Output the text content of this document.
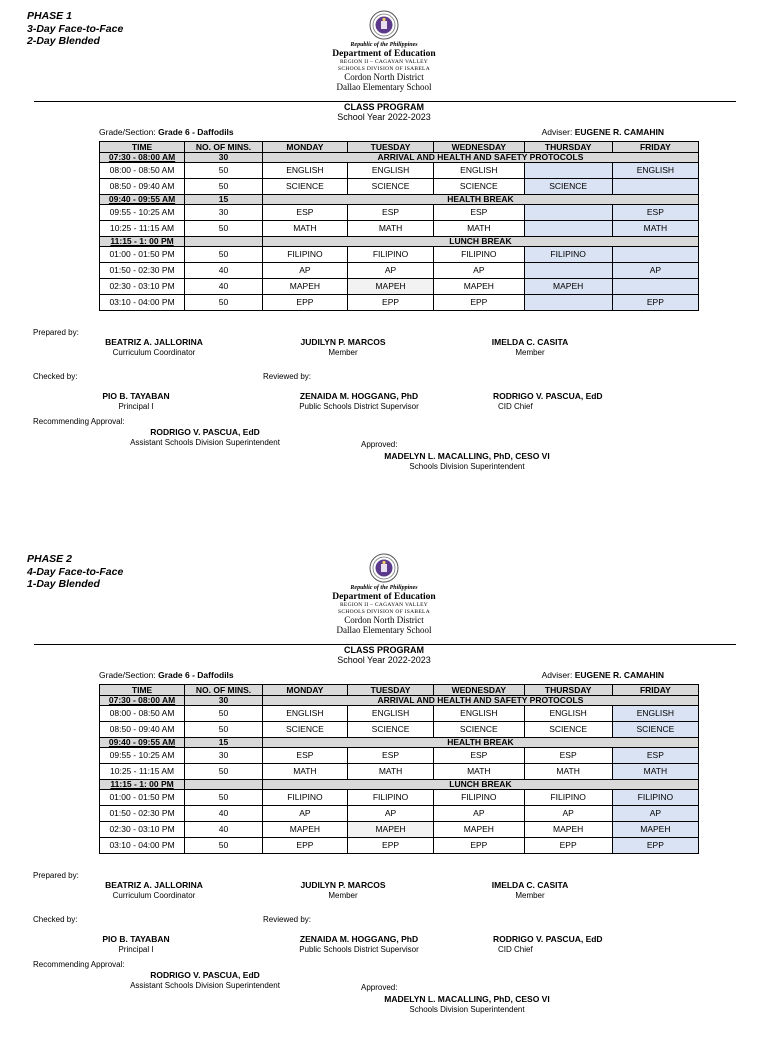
PHASE 1
3-Day Face-to-Face
2-Day Blended	Republic of the Philippines
Department of Education
REGION II – CAGAYAN VALLEY
SCHOOLS DIVISION OF ISABELA
Cordon North District
Dallao Elementary School
CLASS PROGRAM
School Year 2022-2023
Grade/Section: Grade 6 - Daffodils	Adviser: EUGENE R. CAMAHIN
TIME	NO. OF MINS.	MONDAY	TUESDAY	WEDNESDAY	THURSDAY	FRIDAY
07:30 - 08:00 AM	30	ARRIVAL AND HEALTH AND SAFETY PROTOCOLS				
08:00 - 08:50 AM	50	ENGLISH	ENGLISH	ENGLISH		ENGLISH
08:50 - 09:40 AM	50	SCIENCE	SCIENCE	SCIENCE	SCIENCE	
09:40 - 09:55 AM	15	HEALTH BREAK				
09:55 - 10:25 AM	30	ESP	ESP	ESP		ESP
10:25 - 11:15 AM	50	MATH	MATH	MATH		MATH
11:15 - 1: 00 PM		LUNCH BREAK				
01:00 - 01:50 PM	50	FILIPINO	FILIPINO	FILIPINO	FILIPINO	
01:50 - 02:30 PM	40	AP	AP	AP		AP
02:30 - 03:10 PM	40	MAPEH	MAPEH	MAPEH	MAPEH	
03:10 - 04:00 PM	50	EPP	EPP	EPP		EPP
Prepared by:
BEATRIZ A. JALLORINA
Curriculum Coordinator
JUDILYN P. MARCOS
Member
IMELDA C. CASITA
Member
Checked by:	Reviewed by:
PIO B. TAYABAN
Principal I
ZENAIDA M. HOGGANG, PhD
Public Schools District Supervisor
RODRIGO V. PASCUA, EdD
CID Chief
Recommending Approval:
RODRIGO V. PASCUA, EdD
Assistant Schools Division Superintendent	Approved:
MADELYN L. MACALLING, PhD, CESO VI
Schools Division Superintendent
PHASE 2
4-Day Face-to-Face
1-Day Blended	Republic of the Philippines
Department of Education
REGION II – CAGAYAN VALLEY
SCHOOLS DIVISION OF ISABELA
Cordon North District
Dallao Elementary School
CLASS PROGRAM
School Year 2022-2023
Grade/Section: Grade 6 - Daffodils	Adviser: EUGENE R. CAMAHIN
TIME	NO. OF MINS.	MONDAY	TUESDAY	WEDNESDAY	THURSDAY	FRIDAY
07:30 - 08:00 AM	30	ARRIVAL AND HEALTH AND SAFETY PROTOCOLS				
08:00 - 08:50 AM	50	ENGLISH	ENGLISH	ENGLISH	ENGLISH	ENGLISH
08:50 - 09:40 AM	50	SCIENCE	SCIENCE	SCIENCE	SCIENCE	SCIENCE
09:40 - 09:55 AM	15	HEALTH BREAK				
09:55 - 10:25 AM	30	ESP	ESP	ESP	ESP	ESP
10:25 - 11:15 AM	50	MATH	MATH	MATH	MATH	MATH
11:15 - 1: 00 PM		LUNCH BREAK				
01:00 - 01:50 PM	50	FILIPINO	FILIPINO	FILIPINO	FILIPINO	FILIPINO
01:50 - 02:30 PM	40	AP	AP	AP	AP	AP
02:30 - 03:10 PM	40	MAPEH	MAPEH	MAPEH	MAPEH	MAPEH
03:10 - 04:00 PM	50	EPP	EPP	EPP	EPP	EPP
Prepared by:
BEATRIZ A. JALLORINA
Curriculum Coordinator
JUDILYN P. MARCOS
Member
IMELDA C. CASITA
Member
Checked by:	Reviewed by:
PIO B. TAYABAN
Principal I
ZENAIDA M. HOGGANG, PhD
Public Schools District Supervisor
RODRIGO V. PASCUA, EdD
CID Chief
Recommending Approval:
RODRIGO V. PASCUA, EdD
Assistant Schools Division Superintendent	Approved:
MADELYN L. MACALLING, PhD, CESO VI
Schools Division Superintendent
